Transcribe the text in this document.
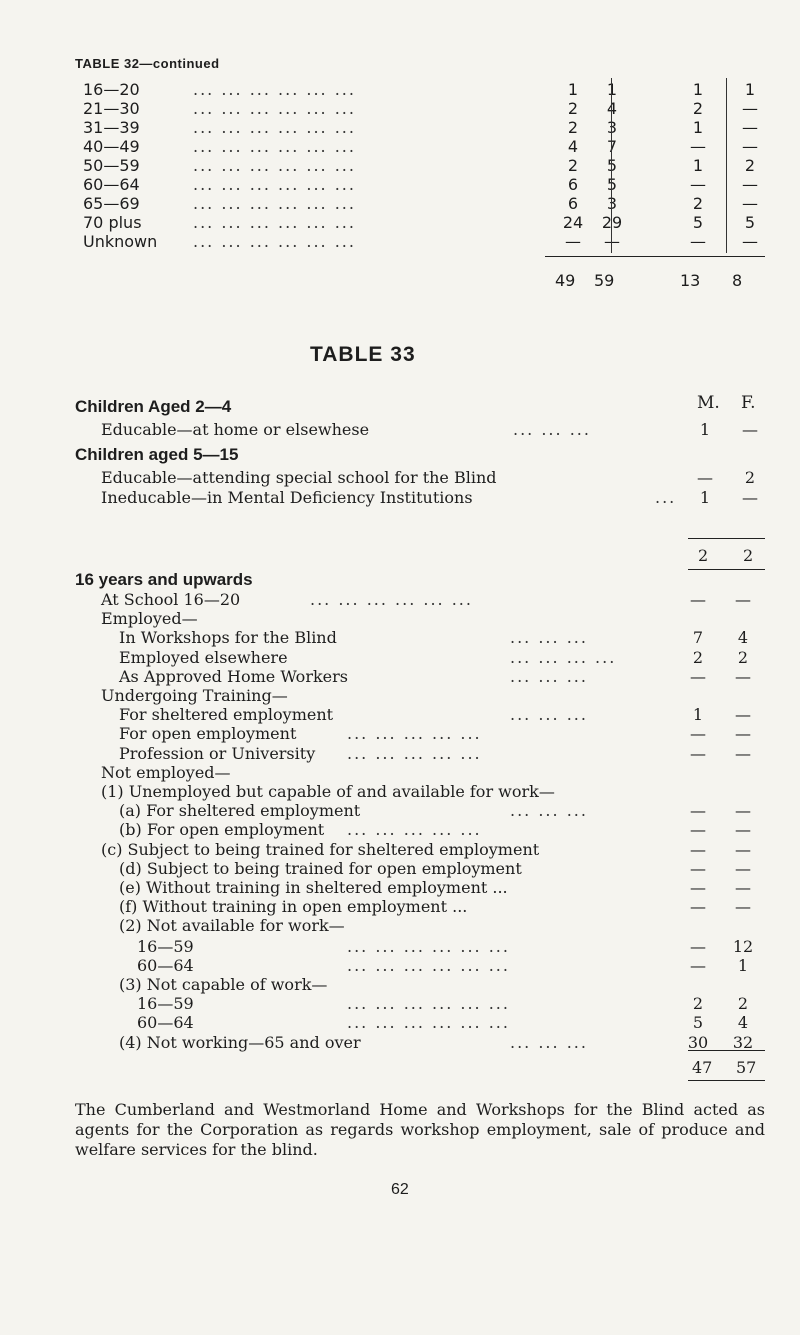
TABLE 32—continued
16—20	... ... ... ... ... ...	1	1	1	1
21—30	... ... ... ... ... ...	2	4	2	—
31—39	... ... ... ... ... ...	2	3	1	—
40—49	... ... ... ... ... ...	4	7	— —
50—59	... ... ... ... ... ...	2	5	1	2
60—64	... ... ... ... ... ...	6	5	— —
65—69	... ... ... ... ... ...	6	3	2	—
70 plus	... ... ... ... ... ...	24 29	5	5
Unknown ... ... ... ... ... ...	— —	— —
49 59	13 8
TABLE 33
M. F.
Children Aged 2—4
Children aged 5—15
Educable—at home or elsewhese	1	—
Educable—attending special school for the Blind	—	2
Ineducable—in Mental Deficiency Institutions	1	—
... ... ...
...
2 2
16 years and upwards
At School 16—20	... ... ... ... ... ...	— —
Employed—
In Workshops for the Blind	... ... ...	7	4
Employed elsewhere	... ... ... ...	2	2
As Approved Home Workers	... ... ...	— —
Undergoing Training—
For sheltered employment	... ... ...	1	—
For open employment	... ... ... ... ...	— —
Profession or University ... ... ... ... ...	— —
Not employed—
(1) Unemployed but capable of and available for work—
(a) For sheltered employment	... ... ...	— —
(b) For open employment ... ... ... ... ...	— —
(c) Subject to being trained for sheltered employment	— —
(d) Subject to being trained for open employment	— —
(e) Without training in sheltered employment ...	— —
(f) Without training in open employment ...	— —
(2) Not available for work—
16—59	... ... ... ... ... ...	— 12
60—64	... ... ... ... ... ...	—	1
(3) Not capable of work—
16—59	... ... ... ... ... ...	2	2
60—64	... ... ... ... ... ...	5	4
(4) Not working—65 and over	... ... ...	30 32
47 57
The Cumberland and Westmorland Home and Workshops for the Blind acted as agents for the Corporation as regards workshop employment, sale of produce and welfare services for the blind.
62
